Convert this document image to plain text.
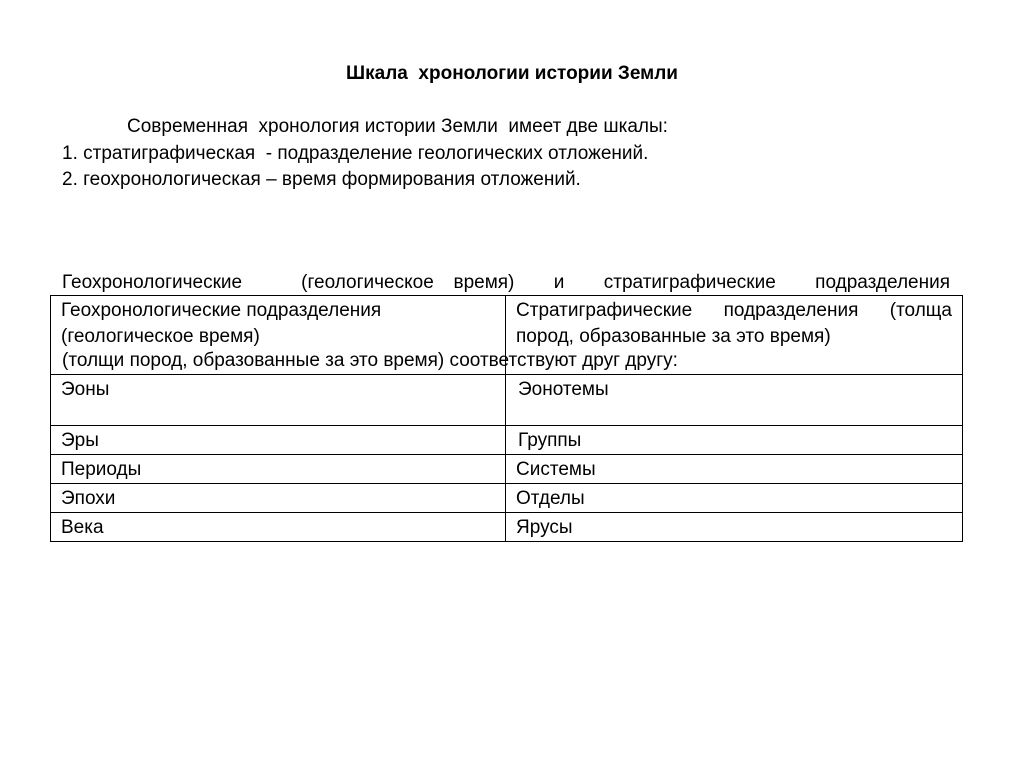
Шкала  хронологии истории Земли
Современная  хронология истории Земли  имеет две шкалы:
1. стратиграфическая  - подразделение геологических отложений.
2. геохронологическая – время формирования отложений.

Геохронологические   (геологическое время)  и  стратиграфические  подразделения

(толщи пород, образованные за это время) соответствуют друг другу:

Геохронологические подразделения (геологическое время)	Стратиграфические подразделения (толща пород, образованные за это время)
Эоны	Эонотемы
Эры	Группы
Периоды	Системы
Эпохи	Отделы
Века	Ярусы
